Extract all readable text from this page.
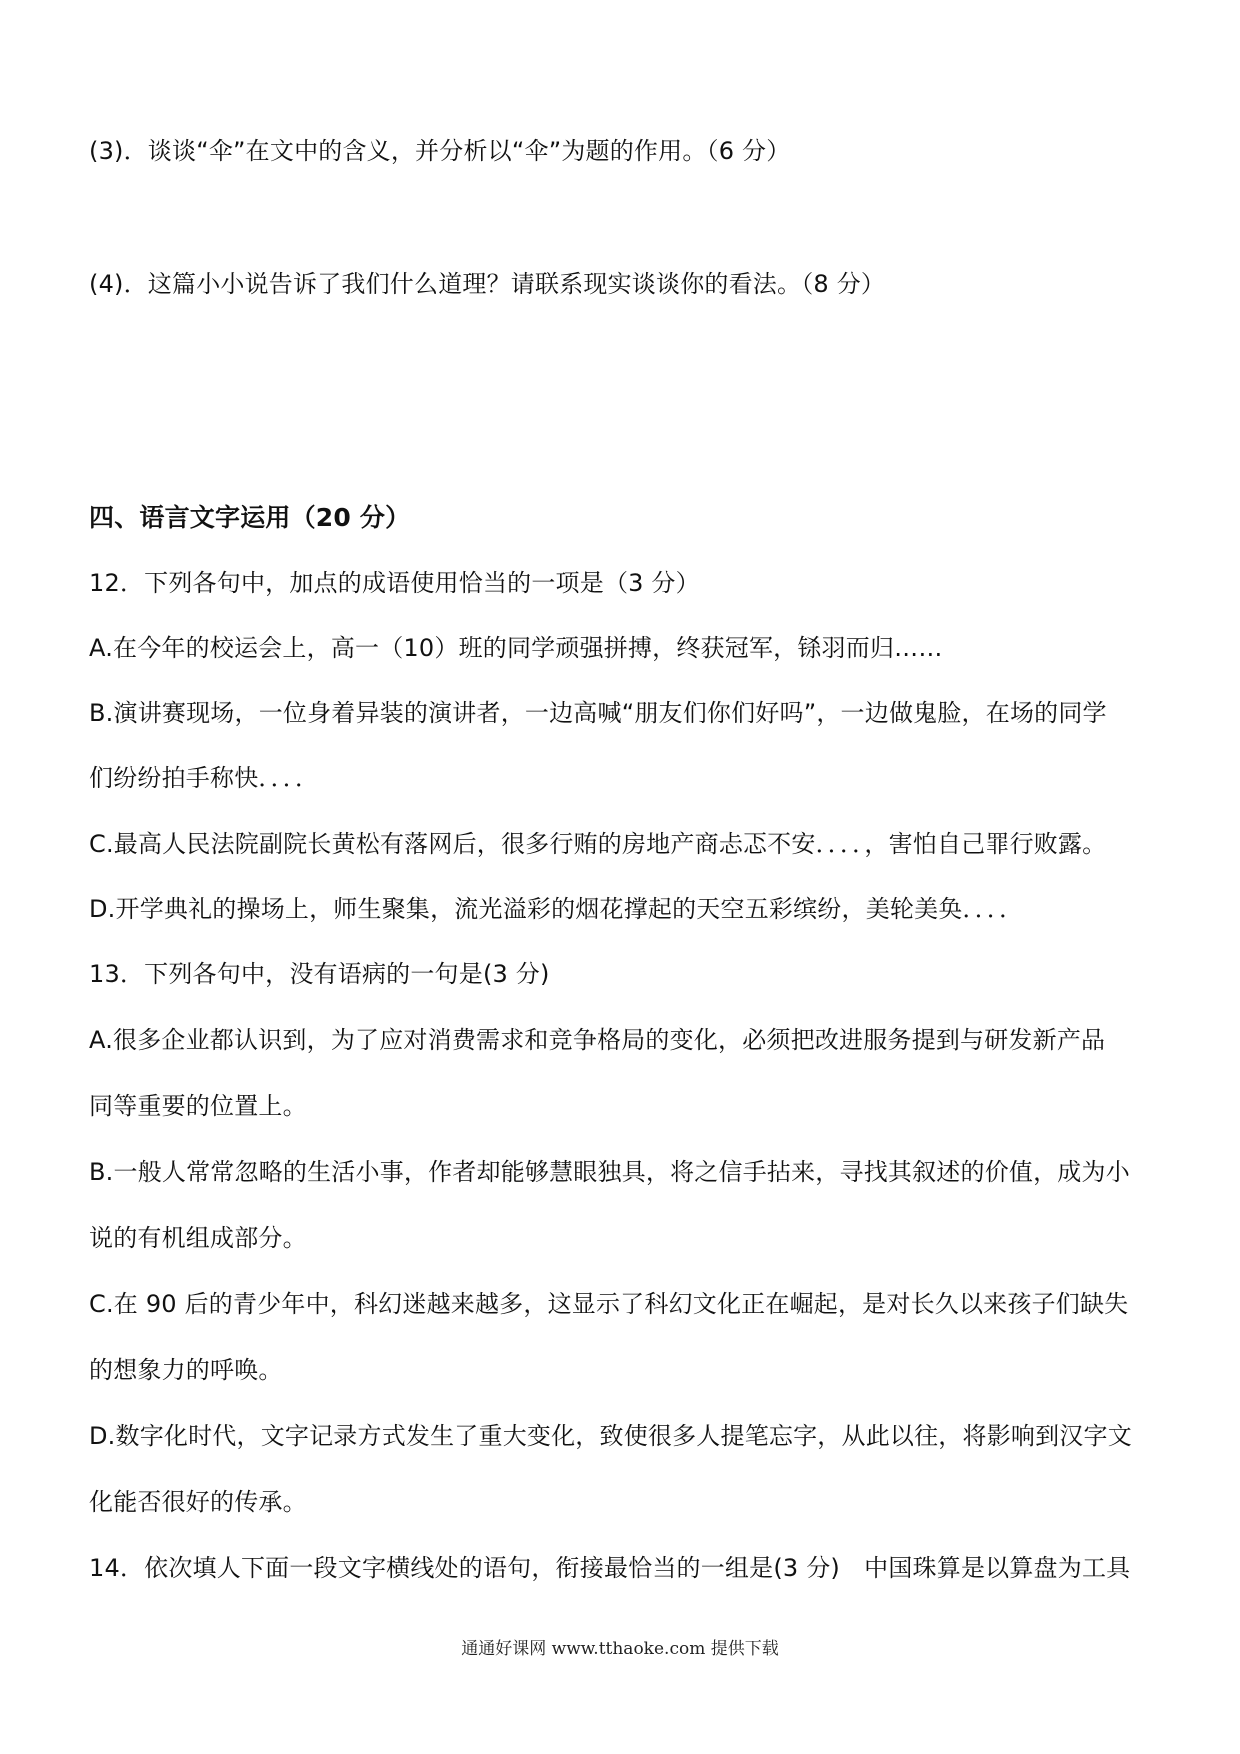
(3)．谈谈“伞”在文中的含义，并分析以“伞”为题的作用。（6 分）
(4)．这篇小小说告诉了我们什么道理？请联系现实谈谈你的看法。（8 分）
四、语言文字运用（20 分）
12．下列各句中，加点的成语使用恰当的一项是（3 分）
A.在今年的校运会上，高一（10）班的同学顽强拼搏，终获冠军，铩羽而归……
B.演讲赛现场，一位身着异装的演讲者，一边高喊“朋友们你们好吗”，一边做鬼脸，在场的同学
们纷纷拍手称快．．．．
C.最高人民法院副院长黄松有落网后，很多行贿的房地产商忐忑不安．．．．，害怕自己罪行败露。
D.开学典礼的操场上，师生聚集，流光溢彩的烟花撑起的天空五彩缤纷，美轮美奂．．．．
13．下列各句中，没有语病的一句是(3 分)
A.很多企业都认识到，为了应对消费需求和竞争格局的变化，必须把改进服务提到与研发新产品
同等重要的位置上。
B.一般人常常忽略的生活小事，作者却能够慧眼独具，将之信手拈来，寻找其叙述的价值，成为小
说的有机组成部分。
C.在 90 后的青少年中，科幻迷越来越多，这显示了科幻文化正在崛起，是对长久以来孩子们缺失
的想象力的呼唤。
D.数字化时代，文字记录方式发生了重大变化，致使很多人提笔忘字，从此以往，将影响到汉字文
化能否很好的传承。
14．依次填人下面一段文字横线处的语句，衔接最恰当的一组是(3 分)　中国珠算是以算盘为工具
通通好课网 www.tthaoke.com 提供下载
